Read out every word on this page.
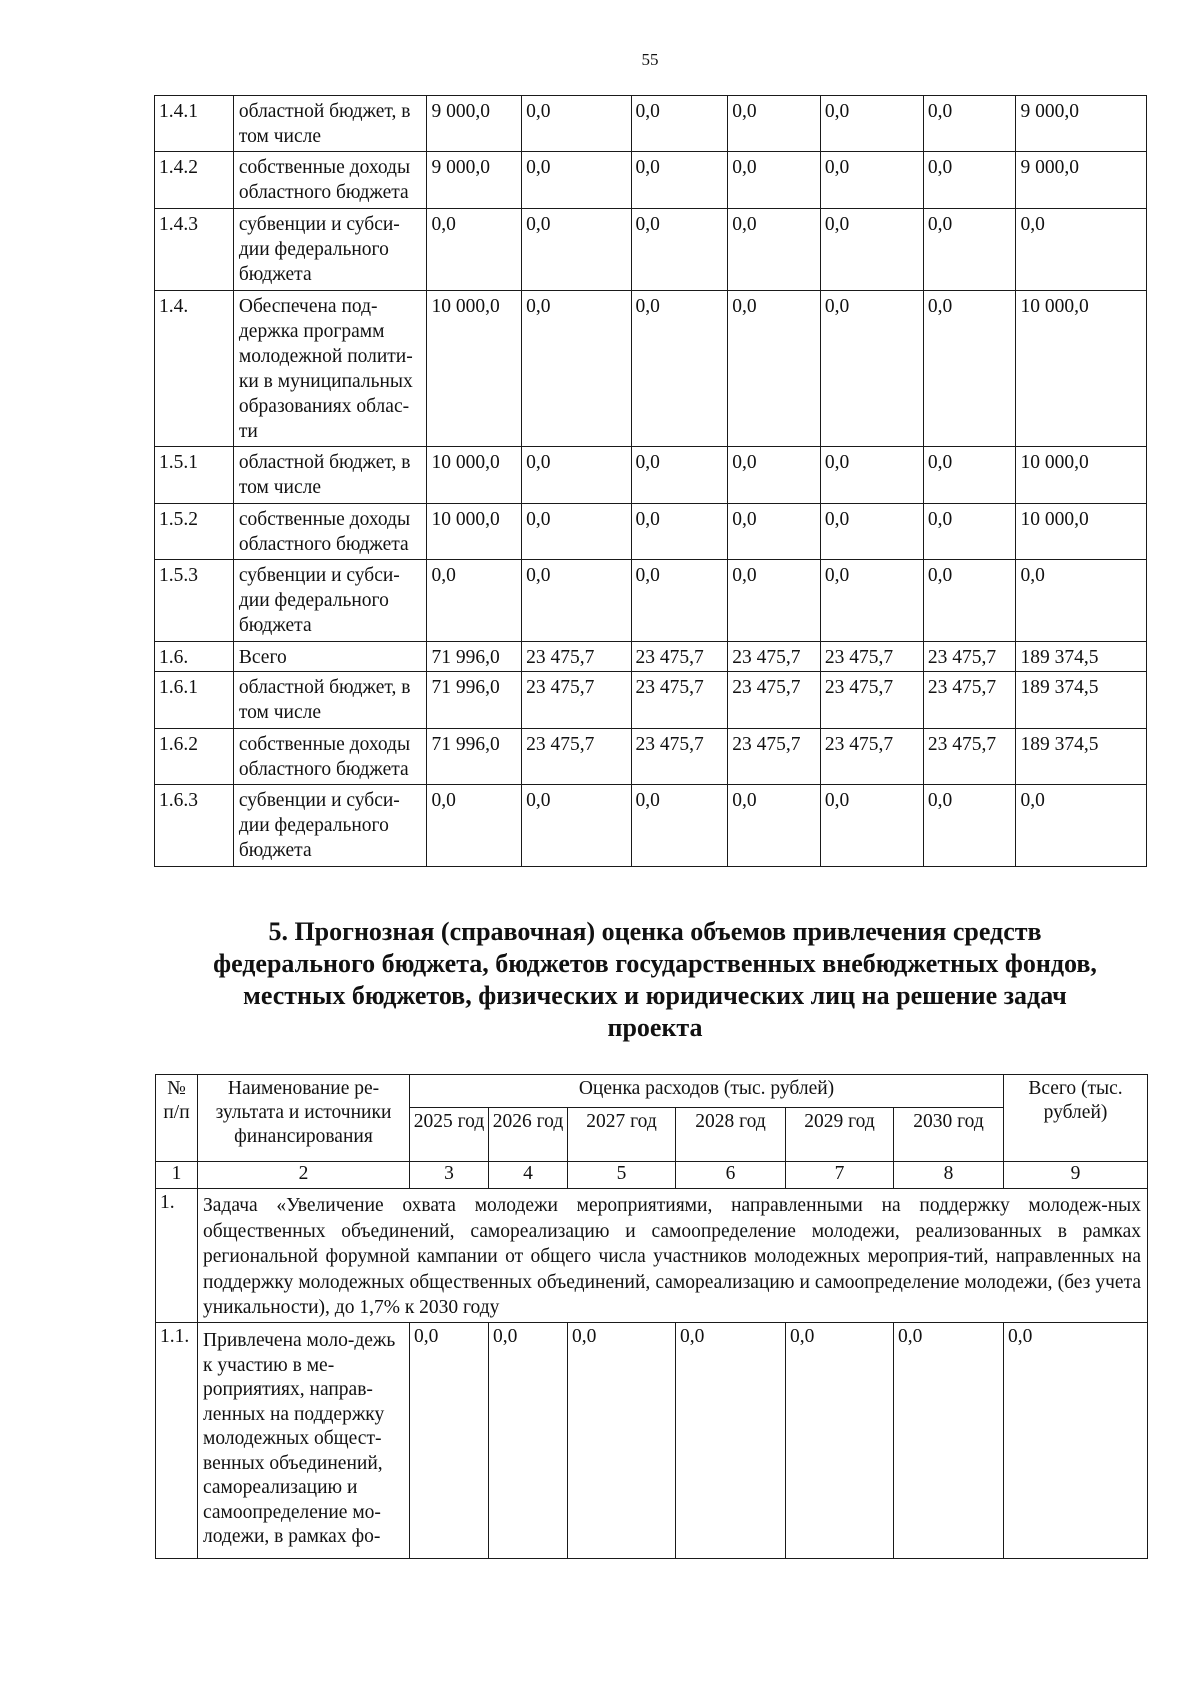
55
1.4.1	областной бюджет, в том числе	9 000,0	0,0	0,0	0,0	0,0	0,0	9 000,0
1.4.2	собственные доходы областного бюджета	9 000,0	0,0	0,0	0,0	0,0	0,0	9 000,0
1.4.3	субвенции и субси-дии федерального бюджета	0,0	0,0	0,0	0,0	0,0	0,0	0,0
1.4.	Обеспечена под-держка программ молодежной полити-ки в муниципальных образованиях облас-ти	10 000,0	0,0	0,0	0,0	0,0	0,0	10 000,0
1.5.1	областной бюджет, в том числе	10 000,0	0,0	0,0	0,0	0,0	0,0	10 000,0
1.5.2	собственные доходы областного бюджета	10 000,0	0,0	0,0	0,0	0,0	0,0	10 000,0
1.5.3	субвенции и субси-дии федерального бюджета	0,0	0,0	0,0	0,0	0,0	0,0	0,0
1.6.	Всего	71 996,0	23 475,7	23 475,7	23 475,7	23 475,7	23 475,7	189 374,5
1.6.1	областной бюджет, в том числе	71 996,0	23 475,7	23 475,7	23 475,7	23 475,7	23 475,7	189 374,5
1.6.2	собственные доходы областного бюджета	71 996,0	23 475,7	23 475,7	23 475,7	23 475,7	23 475,7	189 374,5
1.6.3	субвенции и субси-дии федерального бюджета	0,0	0,0	0,0	0,0	0,0	0,0	0,0
5. Прогнозная (справочная) оценка объемов привлечения средств федерального бюджета, бюджетов государственных внебюджетных фондов, местных бюджетов, физических и юридических лиц на решение задач проекта
№ п/п	Наименование ре-зультата и источники финансирования	Оценка расходов (тыс. рублей)						Всего (тыс. рублей)
		2025 год	2026 год	2027 год	2028 год	2029 год	2030 год	
1	2	3	4	5	6	7	8	9
1.	Задача «Увеличение охвата молодежи мероприятиями, направленными на поддержку молодеж-ных общественных объединений, самореализацию и самоопределение молодежи, реализованных в рамках региональной форумной кампании от общего числа участников молодежных мероприя-тий, направленных на поддержку молодежных общественных объединений, самореализацию и самоопределение молодежи, (без учета уникальности), до 1,7% к 2030 году							
1.1.	Привлечена моло-дежь к участию в ме-роприятиях, направ-ленных на поддержку молодежных общест-венных объединений, самореализацию и самоопределение мо-лодежи, в рамках фо-	0,0	0,0	0,0	0,0	0,0	0,0	0,0
